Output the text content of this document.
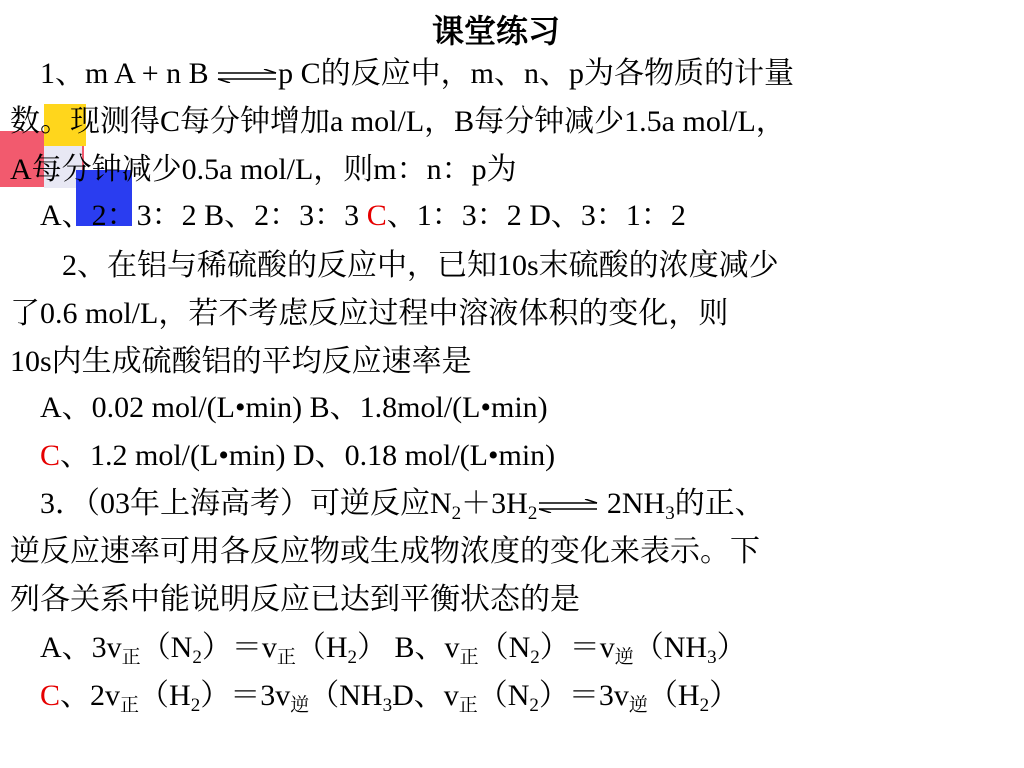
课堂练习
1、m A + n B ⇌p C的反应中，m、n、p为各物质的计量
数。现测得C每分钟增加a mol/L，B每分钟减少1.5a mol/L，
A每分钟减少0.5a mol/L，则m：n：p为
A、2：3：2 B、2：3：3 C、1：3：2 D、3：1：2
2、在铝与稀硫酸的反应中，已知10s末硫酸的浓度减少
了0.6 mol/L，若不考虑反应过程中溶液体积的变化，则
10s内生成硫酸铝的平均反应速率是
A、0.02 mol/(L•min) B、1.8mol/(L•min)
C、1.2 mol/(L•min) D、0.18 mol/(L•min)
3．（03年上海高考）可逆反应$N_2+3H_2\rightleftharpoons$ $2NH_3$的正、
逆反应速率可用各反应物或生成物浓度的变化来表示。下
列各关系中能说明反应已达到平衡状态的是
A、$3v_正(N_2)=v_正(H_2)$ B、$v_正(N_2)=v_逆(NH_3)$
C、$2v_正(H_2)=3v_逆(NH_3D$、$v_正(N_2)=3v_逆(H_2)$
